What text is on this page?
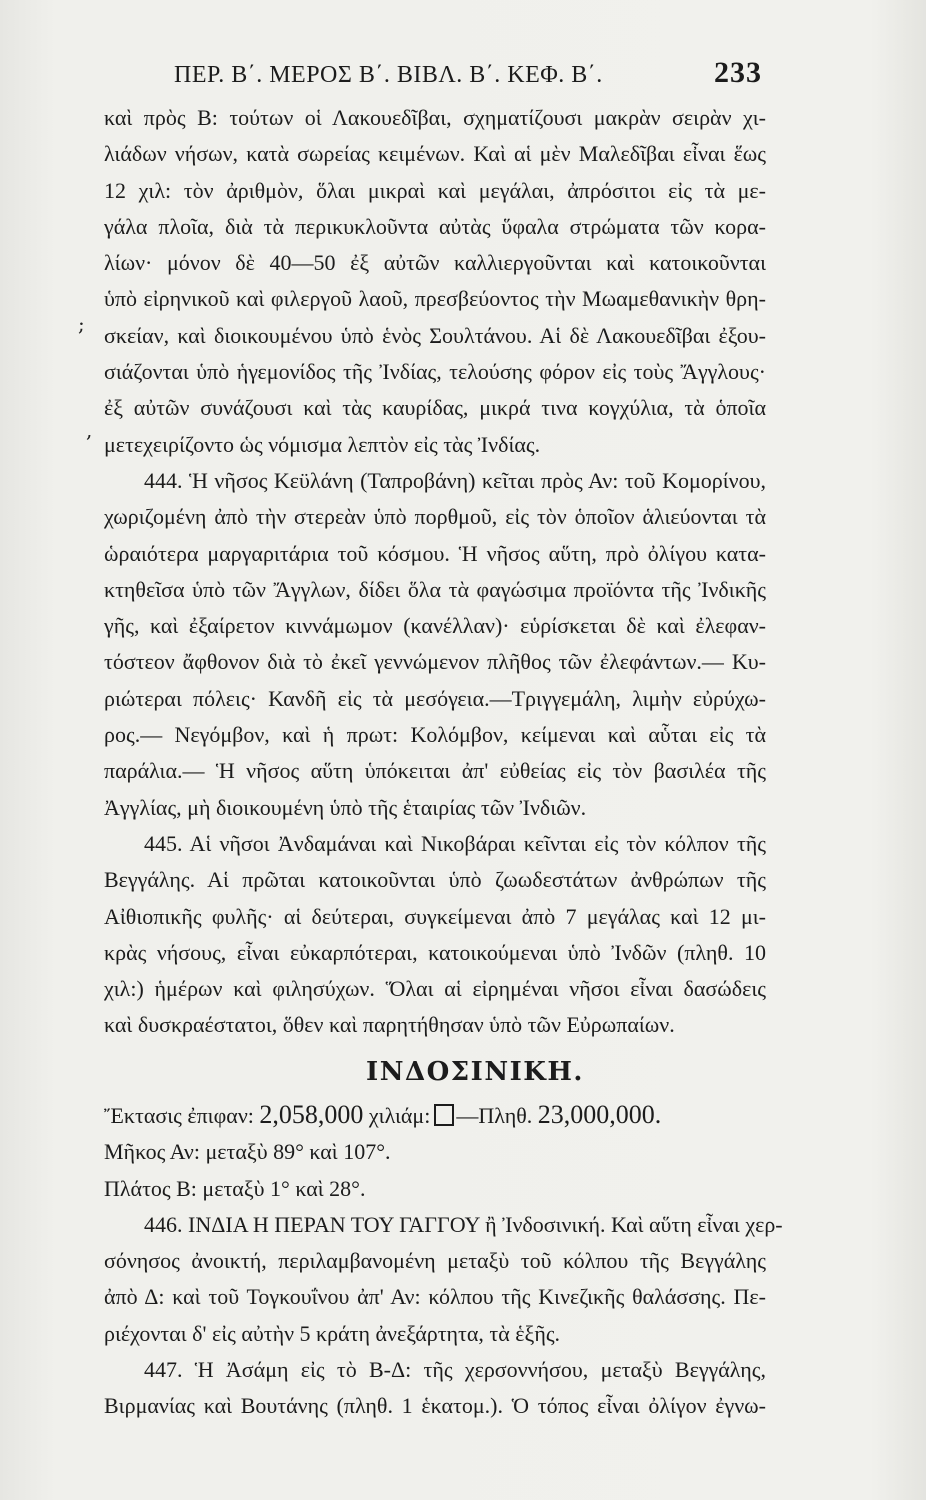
ΠΕΡ. Β΄. ΜΕΡΟΣ Β΄. ΒΙΒΛ. Β΄. ΚΕΦ. Β΄.	233
καὶ πρὸς Β: τούτων οἱ Λακουεδῖβαι, σχηματίζουσι μακρὰν σειρὰν χι-
λιάδων νήσων, κατὰ σωρείας κειμένων. Καὶ αἱ μὲν Μαλεδῖβαι εἶναι ἕως
12 χιλ: τὸν ἀριθμὸν, ὅλαι μικραὶ καὶ μεγάλαι, ἀπρόσιτοι εἰς τὰ με-
γάλα πλοῖα, διὰ τὰ περικυκλοῦντα αὐτὰς ὕφαλα στρώματα τῶν κορα-
λίων· μόνον δὲ 40—50 ἐξ αὐτῶν καλλιεργοῦνται καὶ κατοικοῦνται
ὑπὸ εἰρηνικοῦ καὶ φιλεργοῦ λαοῦ, πρεσβεύοντος τὴν Μωαμεθανικὴν θρη-
σκείαν, καὶ διοικουμένου ὑπὸ ἑνὸς Σουλτάνου. Αἱ δὲ Λακουεδῖβαι ἐξου-
σιάζονται ὑπὸ ἡγεμονίδος τῆς Ἰνδίας, τελούσης φόρον εἰς τοὺς Ἄγγλους·
ἐξ αὐτῶν συνάζουσι καὶ τὰς καυρίδας, μικρά τινα κογχύλια, τὰ ὁποῖα
μετεχειρίζοντο ὡς νόμισμα λεπτὸν εἰς τὰς Ἰνδίας.
444. Ἡ νῆσος Κεϋλάνη (Ταπροβάνη) κεῖται πρὸς Αν: τοῦ Κομορίνου,
χωριζομένη ἀπὸ τὴν στερεὰν ὑπὸ πορθμοῦ, εἰς τὸν ὁποῖον ἁλιεύονται τὰ
ὡραιότερα μαργαριτάρια τοῦ κόσμου. Ἡ νῆσος αὕτη, πρὸ ὀλίγου κατα-
κτηθεῖσα ὑπὸ τῶν Ἄγγλων, δίδει ὅλα τὰ φαγώσιμα προϊόντα τῆς Ἰνδικῆς
γῆς, καὶ ἐξαίρετον κιννάμωμον (κανέλλαν)· εὑρίσκεται δὲ καὶ ἐλεφαν-
τόστεον ἄφθονον διὰ τὸ ἐκεῖ γεννώμενον πλῆθος τῶν ἐλεφάντων.— Κυ-
ριώτεραι πόλεις· Κανδῆ εἰς τὰ μεσόγεια.—Τριγγεμάλη, λιμὴν εὐρύχω-
ρος.— Νεγόμβον, καὶ ἡ πρωτ: Κολόμβον, κείμεναι καὶ αὗται εἰς τὰ
παράλια.— Ἡ νῆσος αὕτη ὑπόκειται ἀπ' εὐθείας εἰς τὸν βασιλέα τῆς
Ἀγγλίας, μὴ διοικουμένη ὑπὸ τῆς ἑταιρίας τῶν Ἰνδιῶν.
445. Αἱ νῆσοι Ἀνδαμάναι καὶ Νικοβάραι κεῖνται εἰς τὸν κόλπον τῆς
Βεγγάλης. Αἱ πρῶται κατοικοῦνται ὑπὸ ζωωδεστάτων ἀνθρώπων τῆς
Αἰθιοπικῆς φυλῆς· αἱ δεύτεραι, συγκείμεναι ἀπὸ 7 μεγάλας καὶ 12 μι-
κρὰς νήσους, εἶναι εὐκαρπότεραι, κατοικούμεναι ὑπὸ Ἰνδῶν (πληθ. 10
χιλ:) ἡμέρων καὶ φιλησύχων. Ὅλαι αἱ εἰρημέναι νῆσοι εἶναι δασώδεις
καὶ δυσκραέστατοι, ὅθεν καὶ παρητήθησαν ὑπὸ τῶν Εὐρωπαίων.
ΙΝΔΟΣΙΝΙΚΗ.
Ἔκτασις ἐπιφαν: 2,058,000 χιλιάμ: —Πληθ. 23,000,000.
Μῆκος Αν: μεταξὺ 89° καὶ 107°.
Πλάτος Β: μεταξὺ 1° καὶ 28°.
446. ΙΝΔΙΑ Η ΠΕΡΑΝ ΤΟΥ ΓΑΓΓΟΥ ἢ Ἰνδοσινική. Καὶ αὕτη εἶναι χερ-
σόνησος ἀνοικτή, περιλαμβανομένη μεταξὺ τοῦ κόλπου τῆς Βεγγάλης
ἀπὸ Δ: καὶ τοῦ Τογκουΐνου ἀπ' Αν: κόλπου τῆς Κινεζικῆς θαλάσσης. Πε-
ριέχονται δ' εἰς αὐτὴν 5 κράτη ἀνεξάρτητα, τὰ ἑξῆς.
447. Ἡ Ἀσάμη εἰς τὸ Β-Δ: τῆς χερσοννήσου, μεταξὺ Βεγγάλης,
Βιρμανίας καὶ Βουτάνης (πληθ. 1 ἑκατομ.). Ὁ τόπος εἶναι ὀλίγον ἐγνω-
;
,
